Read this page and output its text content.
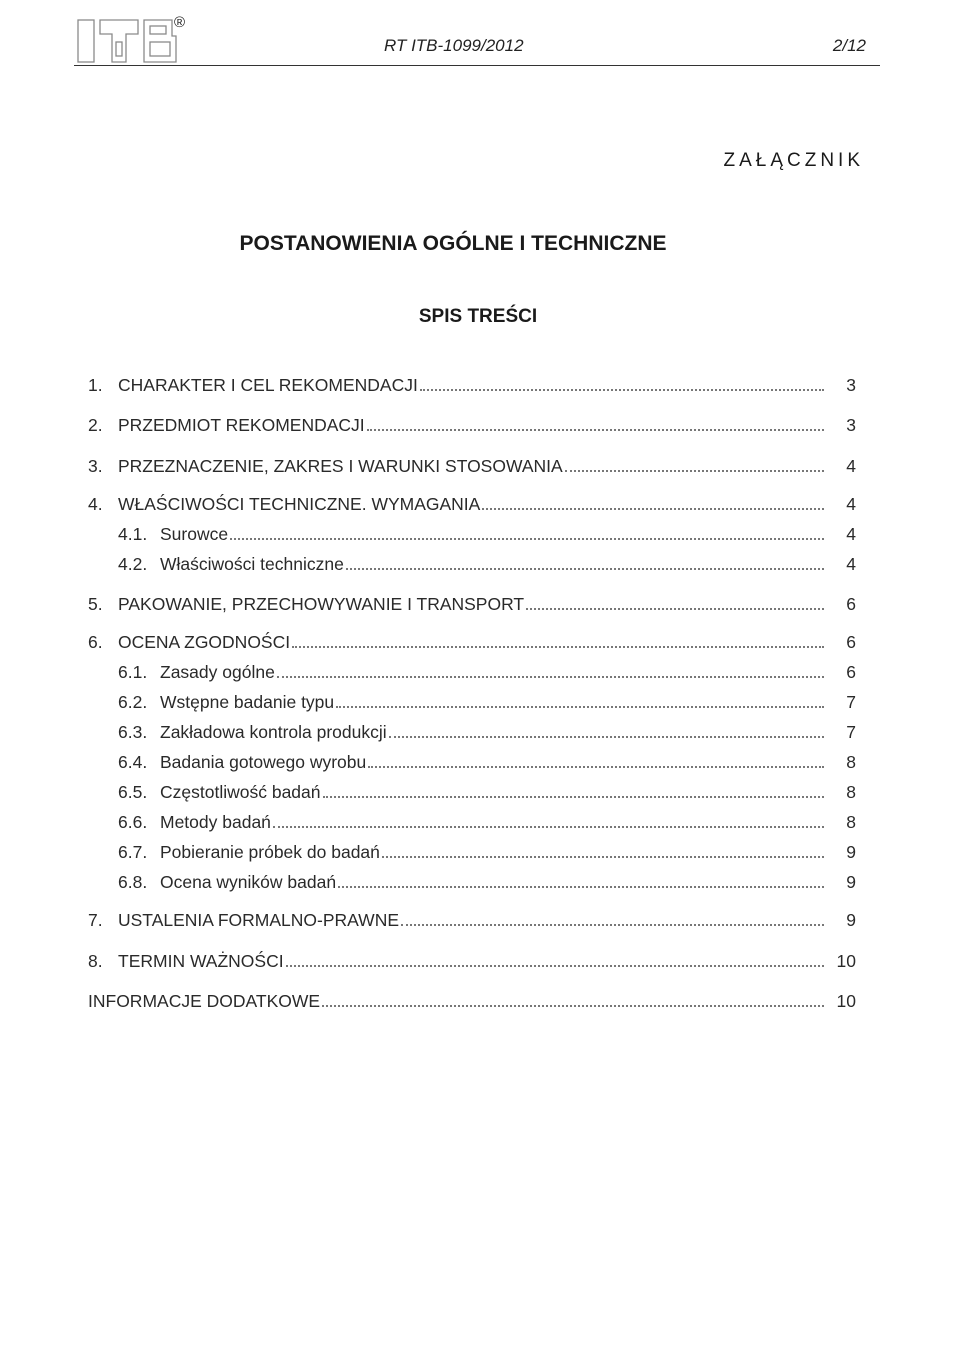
®
RT ITB-1099/2012	2/12
ZAŁĄCZNIK
POSTANOWIENIA OGÓLNE I TECHNICZNE
SPIS TREŚCI
1. CHARAKTER I CEL REKOMENDACJI	3
2. PRZEDMIOT REKOMENDACJI	3
3. PRZEZNACZENIE, ZAKRES I WARUNKI STOSOWANIA	4
4. WŁAŚCIWOŚCI TECHNICZNE. WYMAGANIA	4
4.1. Surowce	4
4.2. Właściwości techniczne	4
5. PAKOWANIE, PRZECHOWYWANIE I TRANSPORT	6
6. OCENA ZGODNOŚCI	6
6.1. Zasady ogólne	6
6.2. Wstępne badanie typu	7
6.3. Zakładowa kontrola produkcji	7
6.4. Badania gotowego wyrobu	8
6.5. Częstotliwość badań	8
6.6. Metody badań	8
6.7. Pobieranie próbek do badań	9
6.8. Ocena wyników badań	9
7. USTALENIA FORMALNO-PRAWNE	9
8. TERMIN WAŻNOŚCI	10
INFORMACJE DODATKOWE	10
